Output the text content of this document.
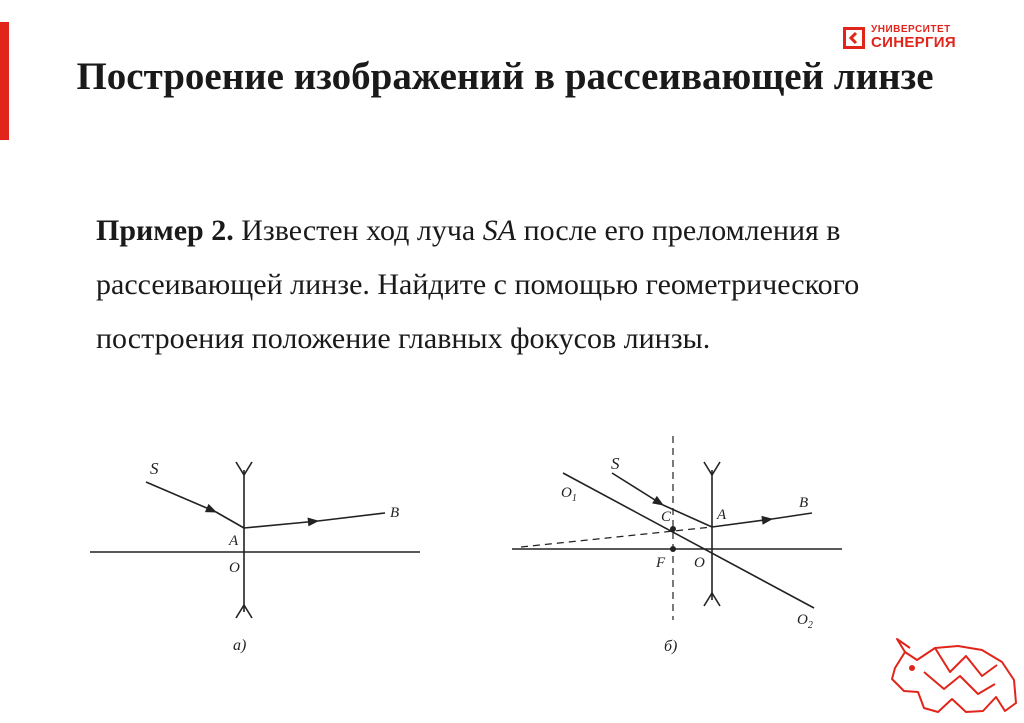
УНИВЕРСИТЕТ
СИНЕРГИЯ
Построение изображений в рассеивающей линзе

Пример 2. Известен ход луча SA после его преломления в рассеивающей линзе. Найдите с помощью геометрического построения положение главных фокусов линзы.

S
A
O
B
а)
S
$O_1$
C	A
B
F O
$O_2$
б)
